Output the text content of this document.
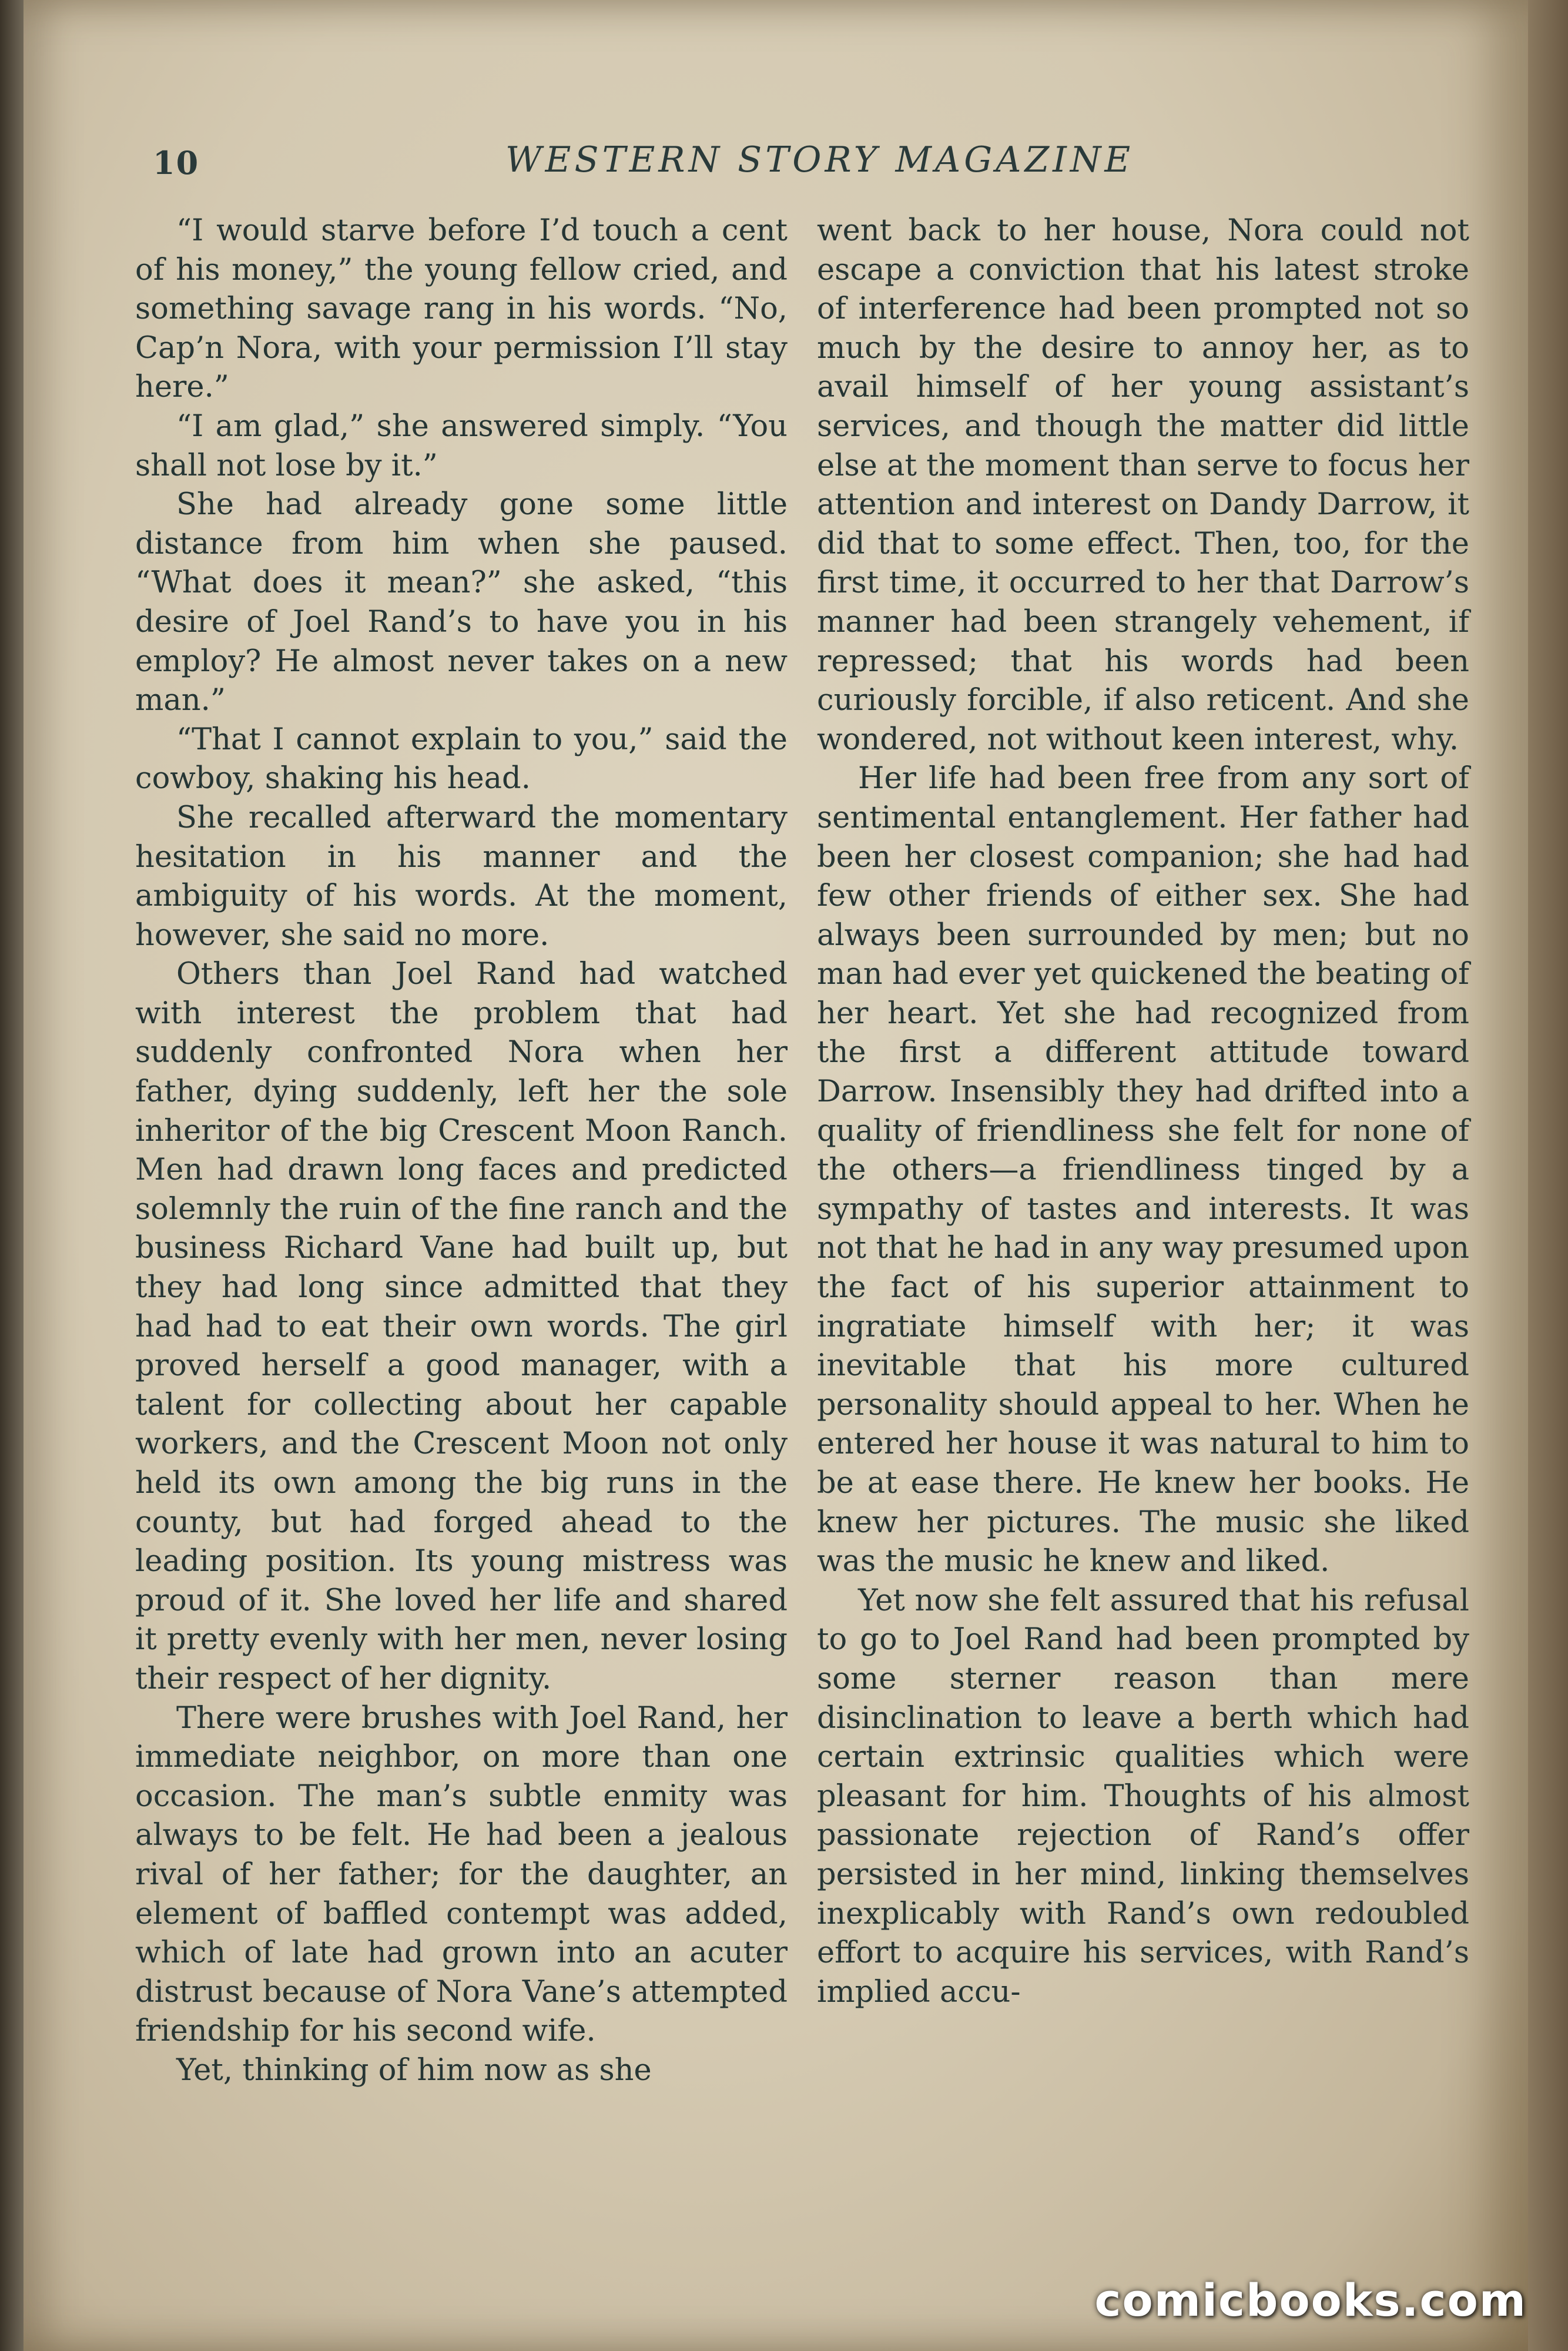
10	WESTERN STORY MAGAZINE

“I would starve before I’d touch a cent of his money,” the young fellow cried, and something savage rang in his words. “No, Cap’n Nora, with your permission I’ll stay here.”

“I am glad,” she answered simply. “You shall not lose by it.”

She had already gone some little distance from him when she paused. “What does it mean?” she asked, “this desire of Joel Rand’s to have you in his employ? He almost never takes on a new man.”

“That I cannot explain to you,” said the cowboy, shaking his head.

She recalled afterward the momentary hesitation in his manner and the ambiguity of his words. At the moment, however, she said no more.

Others than Joel Rand had watched with interest the problem that had suddenly confronted Nora when her father, dying suddenly, left her the sole inheritor of the big Crescent Moon Ranch. Men had drawn long faces and predicted solemnly the ruin of the fine ranch and the business Richard Vane had built up, but they had long since admitted that they had had to eat their own words. The girl proved herself a good manager, with a talent for collecting about her capable workers, and the Crescent Moon not only held its own among the big runs in the county, but had forged ahead to the leading position. Its young mistress was proud of it. She loved her life and shared it pretty evenly with her men, never losing their respect of her dignity.

There were brushes with Joel Rand, her immediate neighbor, on more than one occasion. The man’s subtle enmity was always to be felt. He had been a jealous rival of her father; for the daughter, an element of baffled contempt was added, which of late had grown into an acuter distrust because of Nora Vane’s attempted friendship for his second wife.

Yet, thinking of him now as she

went back to her house, Nora could not escape a conviction that his latest stroke of interference had been prompted not so much by the desire to annoy her, as to avail himself of her young assistant’s services, and though the matter did little else at the moment than serve to focus her attention and interest on Dandy Darrow, it did that to some effect. Then, too, for the first time, it occurred to her that Darrow’s manner had been strangely vehement, if repressed; that his words had been curiously forcible, if also reticent. And she wondered, not without keen interest, why.

Her life had been free from any sort of sentimental entanglement. Her father had been her closest companion; she had had few other friends of either sex. She had always been surrounded by men; but no man had ever yet quickened the beating of her heart. Yet she had recognized from the first a different attitude toward Darrow. Insensibly they had drifted into a quality of friendliness she felt for none of the others—a friendliness tinged by a sympathy of tastes and interests. It was not that he had in any way presumed upon the fact of his superior attainment to ingratiate himself with her; it was inevitable that his more cultured personality should appeal to her. When he entered her house it was natural to him to be at ease there. He knew her books. He knew her pictures. The music she liked was the music he knew and liked.

Yet now she felt assured that his refusal to go to Joel Rand had been prompted by some sterner reason than mere disinclination to leave a berth which had certain extrinsic qualities which were pleasant for him. Thoughts of his almost passionate rejection of Rand’s offer persisted in her mind, linking themselves inexplicably with Rand’s own redoubled effort to acquire his services, with Rand’s implied accu-

comicbooks.com
